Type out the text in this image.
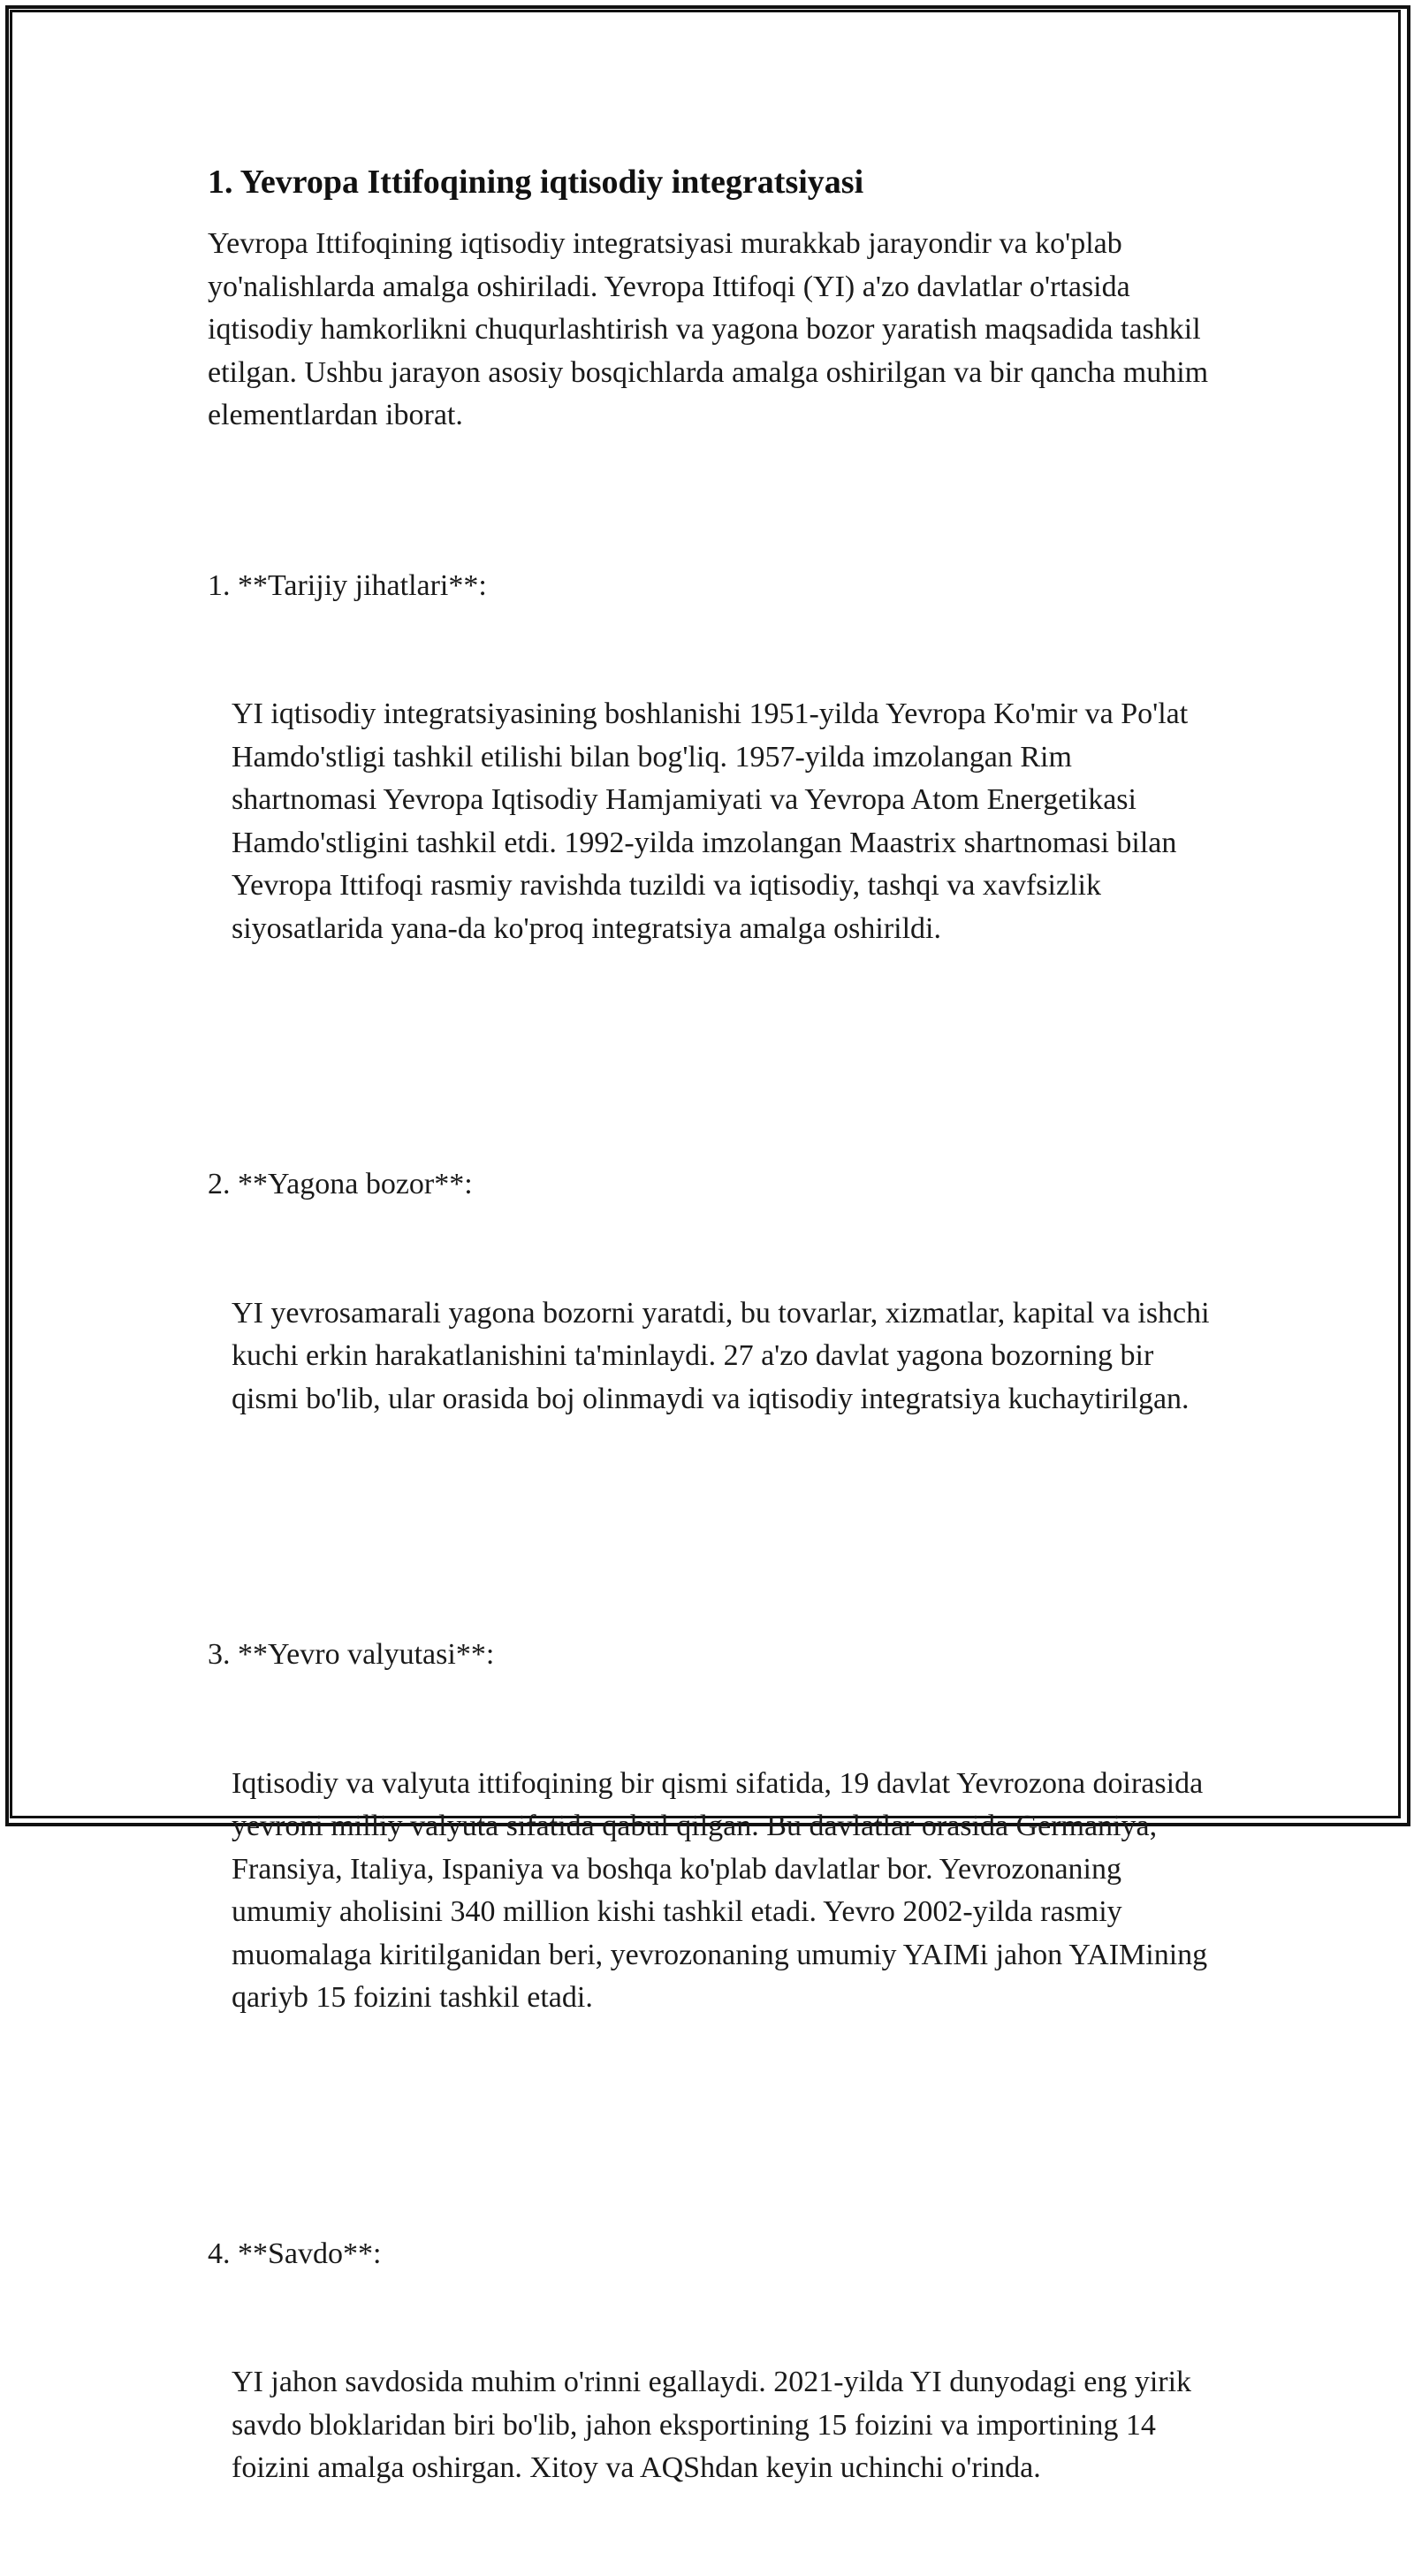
1. Yevropa Ittifoqining iqtisodiy integratsiyasi

Yevropa Ittifoqining iqtisodiy integratsiyasi murakkab jarayondir va ko'plab yo'nalishlarda amalga oshiriladi. Yevropa Ittifoqi (YI) a'zo davlatlar o'rtasida iqtisodiy hamkorlikni chuqurlashtirish va yagona bozor yaratish maqsadida tashkil etilgan. Ushbu jarayon asosiy bosqichlarda amalga oshirilgan va bir qancha muhim elementlardan iborat.

1. **Tarijiy jihatlari**:

YI iqtisodiy integratsiyasining boshlanishi 1951-yilda Yevropa Ko'mir va Po'lat Hamdo'stligi tashkil etilishi bilan bog'liq. 1957-yilda imzolangan Rim shartnomasi Yevropa Iqtisodiy Hamjamiyati va Yevropa Atom Energetikasi Hamdo'stligini tashkil etdi. 1992-yilda imzolangan Maastrix shartnomasi bilan Yevropa Ittifoqi rasmiy ravishda tuzildi va iqtisodiy, tashqi va xavfsizlik siyosatlarida yana-da ko'proq integratsiya amalga oshirildi.

2. **Yagona bozor**:

YI yevrosamarali yagona bozorni yaratdi, bu tovarlar, xizmatlar, kapital va ishchi kuchi erkin harakatlanishini ta'minlaydi. 27 a'zo davlat yagona bozorning bir qismi bo'lib, ular orasida boj olinmaydi va iqtisodiy integratsiya kuchaytirilgan.

3. **Yevro valyutasi**:

Iqtisodiy va valyuta ittifoqining bir qismi sifatida, 19 davlat Yevrozona doirasida yevroni milliy valyuta sifatida qabul qilgan. Bu davlatlar orasida Germaniya, Fransiya, Italiya, Ispaniya va boshqa ko'plab davlatlar bor. Yevrozonaning umumiy aholisini 340 million kishi tashkil etadi. Yevro 2002-yilda rasmiy muomalaga kiritilganidan beri, yevrozonaning umumiy YAIMi jahon YAIMining qariyb 15 foizini tashkil etadi.

4. **Savdo**:

YI jahon savdosida muhim o'rinni egallaydi. 2021-yilda YI dunyodagi eng yirik savdo bloklaridan biri bo'lib, jahon eksportining 15 foizini va importining 14 foizini amalga oshirgan. Xitoy va AQShdan keyin uchinchi o'rinda.
